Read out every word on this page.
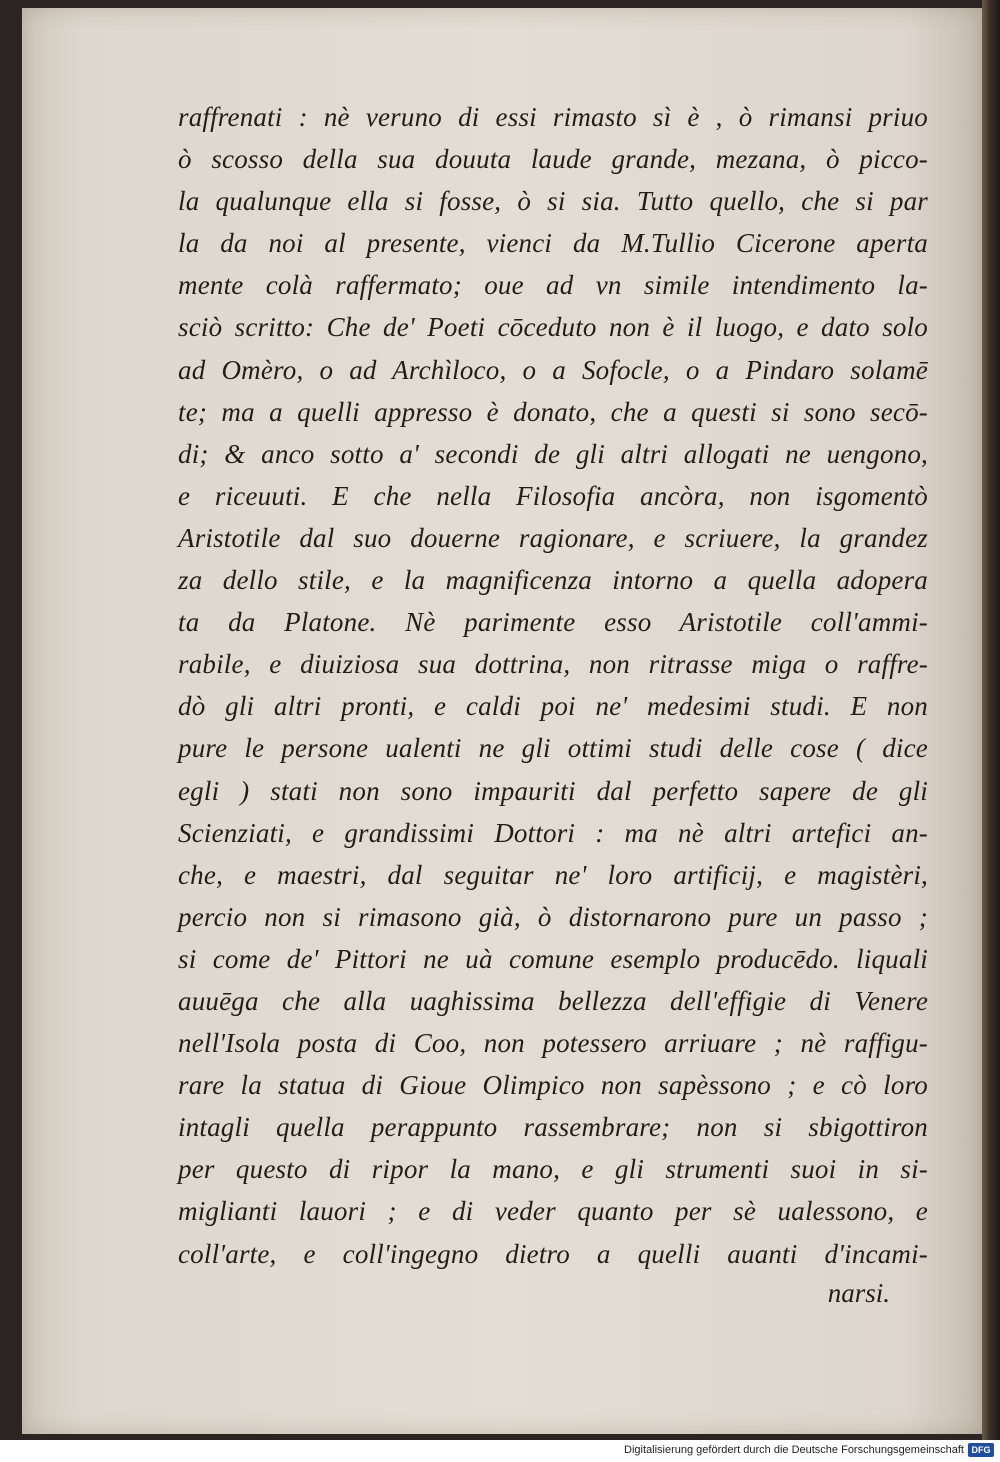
raffrenati : nè veruno di essi rimasto sì è , ò rimansi priuo
ò scosso della sua douuta laude grande, mezana, ò picco-
la qualunque ella si fosse, ò si sia. Tutto quello, che si par
la da noi al presente, vienci da M.Tullio Cicerone aperta
mente colà raffermato; oue ad vn simile intendimento la-
sciò scritto: Che de' Poeti cōceduto non è il luogo, e dato solo
ad Omèro, o ad Archìloco, o a Sofocle, o a Pindaro solamē
te; ma a quelli appresso è donato, che a questi si sono secō-
di; & anco sotto a' secondi de gli altri allogati ne uengono,
e riceuuti. E che nella Filosofia ancòra, non isgomentò
Aristotile dal suo douerne ragionare, e scriuere, la grandez
za dello stile, e la magnificenza intorno a quella adopera
ta da Platone. Nè parimente esso Aristotile coll'ammi-
rabile, e diuiziosa sua dottrina, non ritrasse miga o raffre-
dò gli altri pronti, e caldi poi ne' medesimi studi. E non
pure le persone ualenti ne gli ottimi studi delle cose ( dice
egli ) stati non sono impauriti dal perfetto sapere de gli
Scienziati, e grandissimi Dottori : ma nè altri artefici an-
che, e maestri, dal seguitar ne' loro artificij, e magistèri,
percio non si rimasono già, ò distornarono pure un passo ;
si come de' Pittori ne uà comune esemplo producēdo. liquali
auuēga che alla uaghissima bellezza dell'effigie di Venere
nell'Isola posta di Coo, non potessero arriuare ; nè raffigu-
rare la statua di Gioue Olimpico non sapèssono ; e cò loro
intagli quella perappunto rassembrare; non si sbigottiron
per questo di ripor la mano, e gli strumenti suoi in si-
miglianti lauori ; e di veder quanto per sè ualessono, e
coll'arte, e coll'ingegno dietro a quelli auanti d'incami-
narsi.
Digitalisierung gefördert durch die Deutsche Forschungsgemeinschaft DFG
